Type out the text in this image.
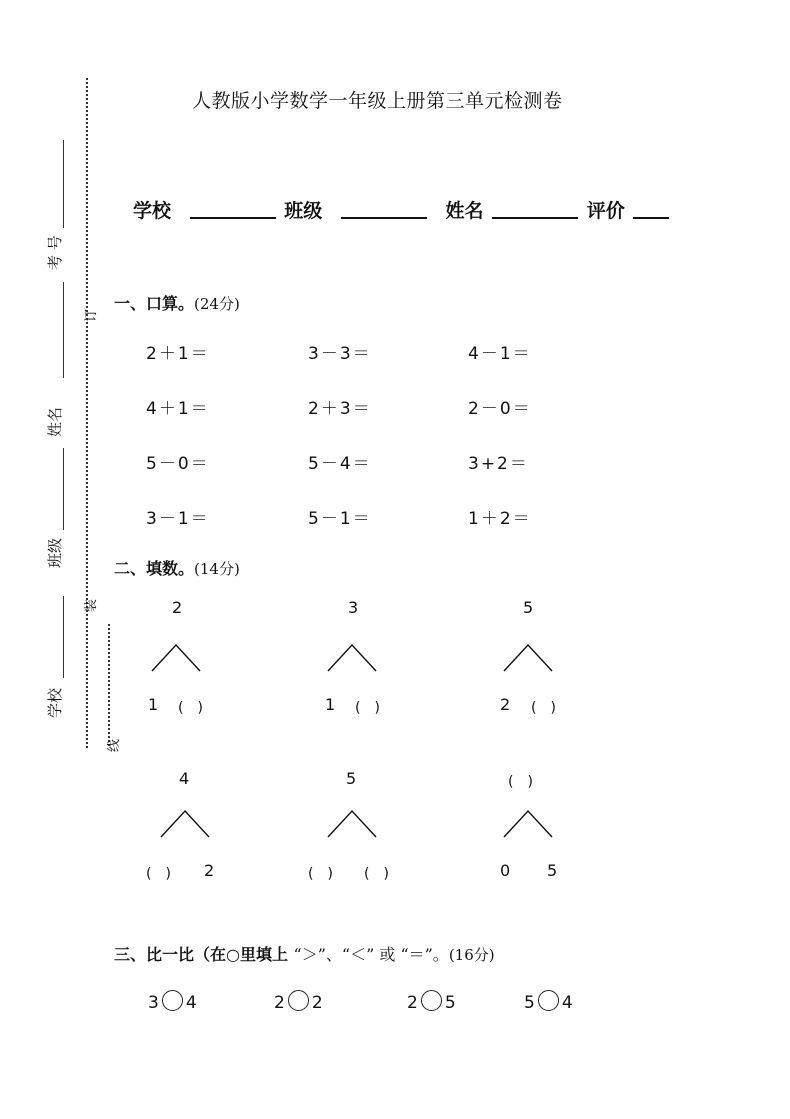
人教版小学数学一年级上册第三单元检测卷
学校	班级	姓名	评价
考 号
姓名
班级
学校
订
装
线
一、口算。(24分)
2＋1＝	3－3＝	4－1＝
4＋1＝	2＋3＝	2－0＝
5－0＝	5－4＝	3+2＝
3－1＝	5－1＝	1＋2＝
二、填数。(14分)
2
1 (　)
3
1 (　)
5
2 (　)
4
(　) 2
5
(　) (　)
(　)
0 5
三、比一比（在○里填上 “＞”、“＜” 或 “＝”。(16分)
3 4	2 2	2 5	5 4
